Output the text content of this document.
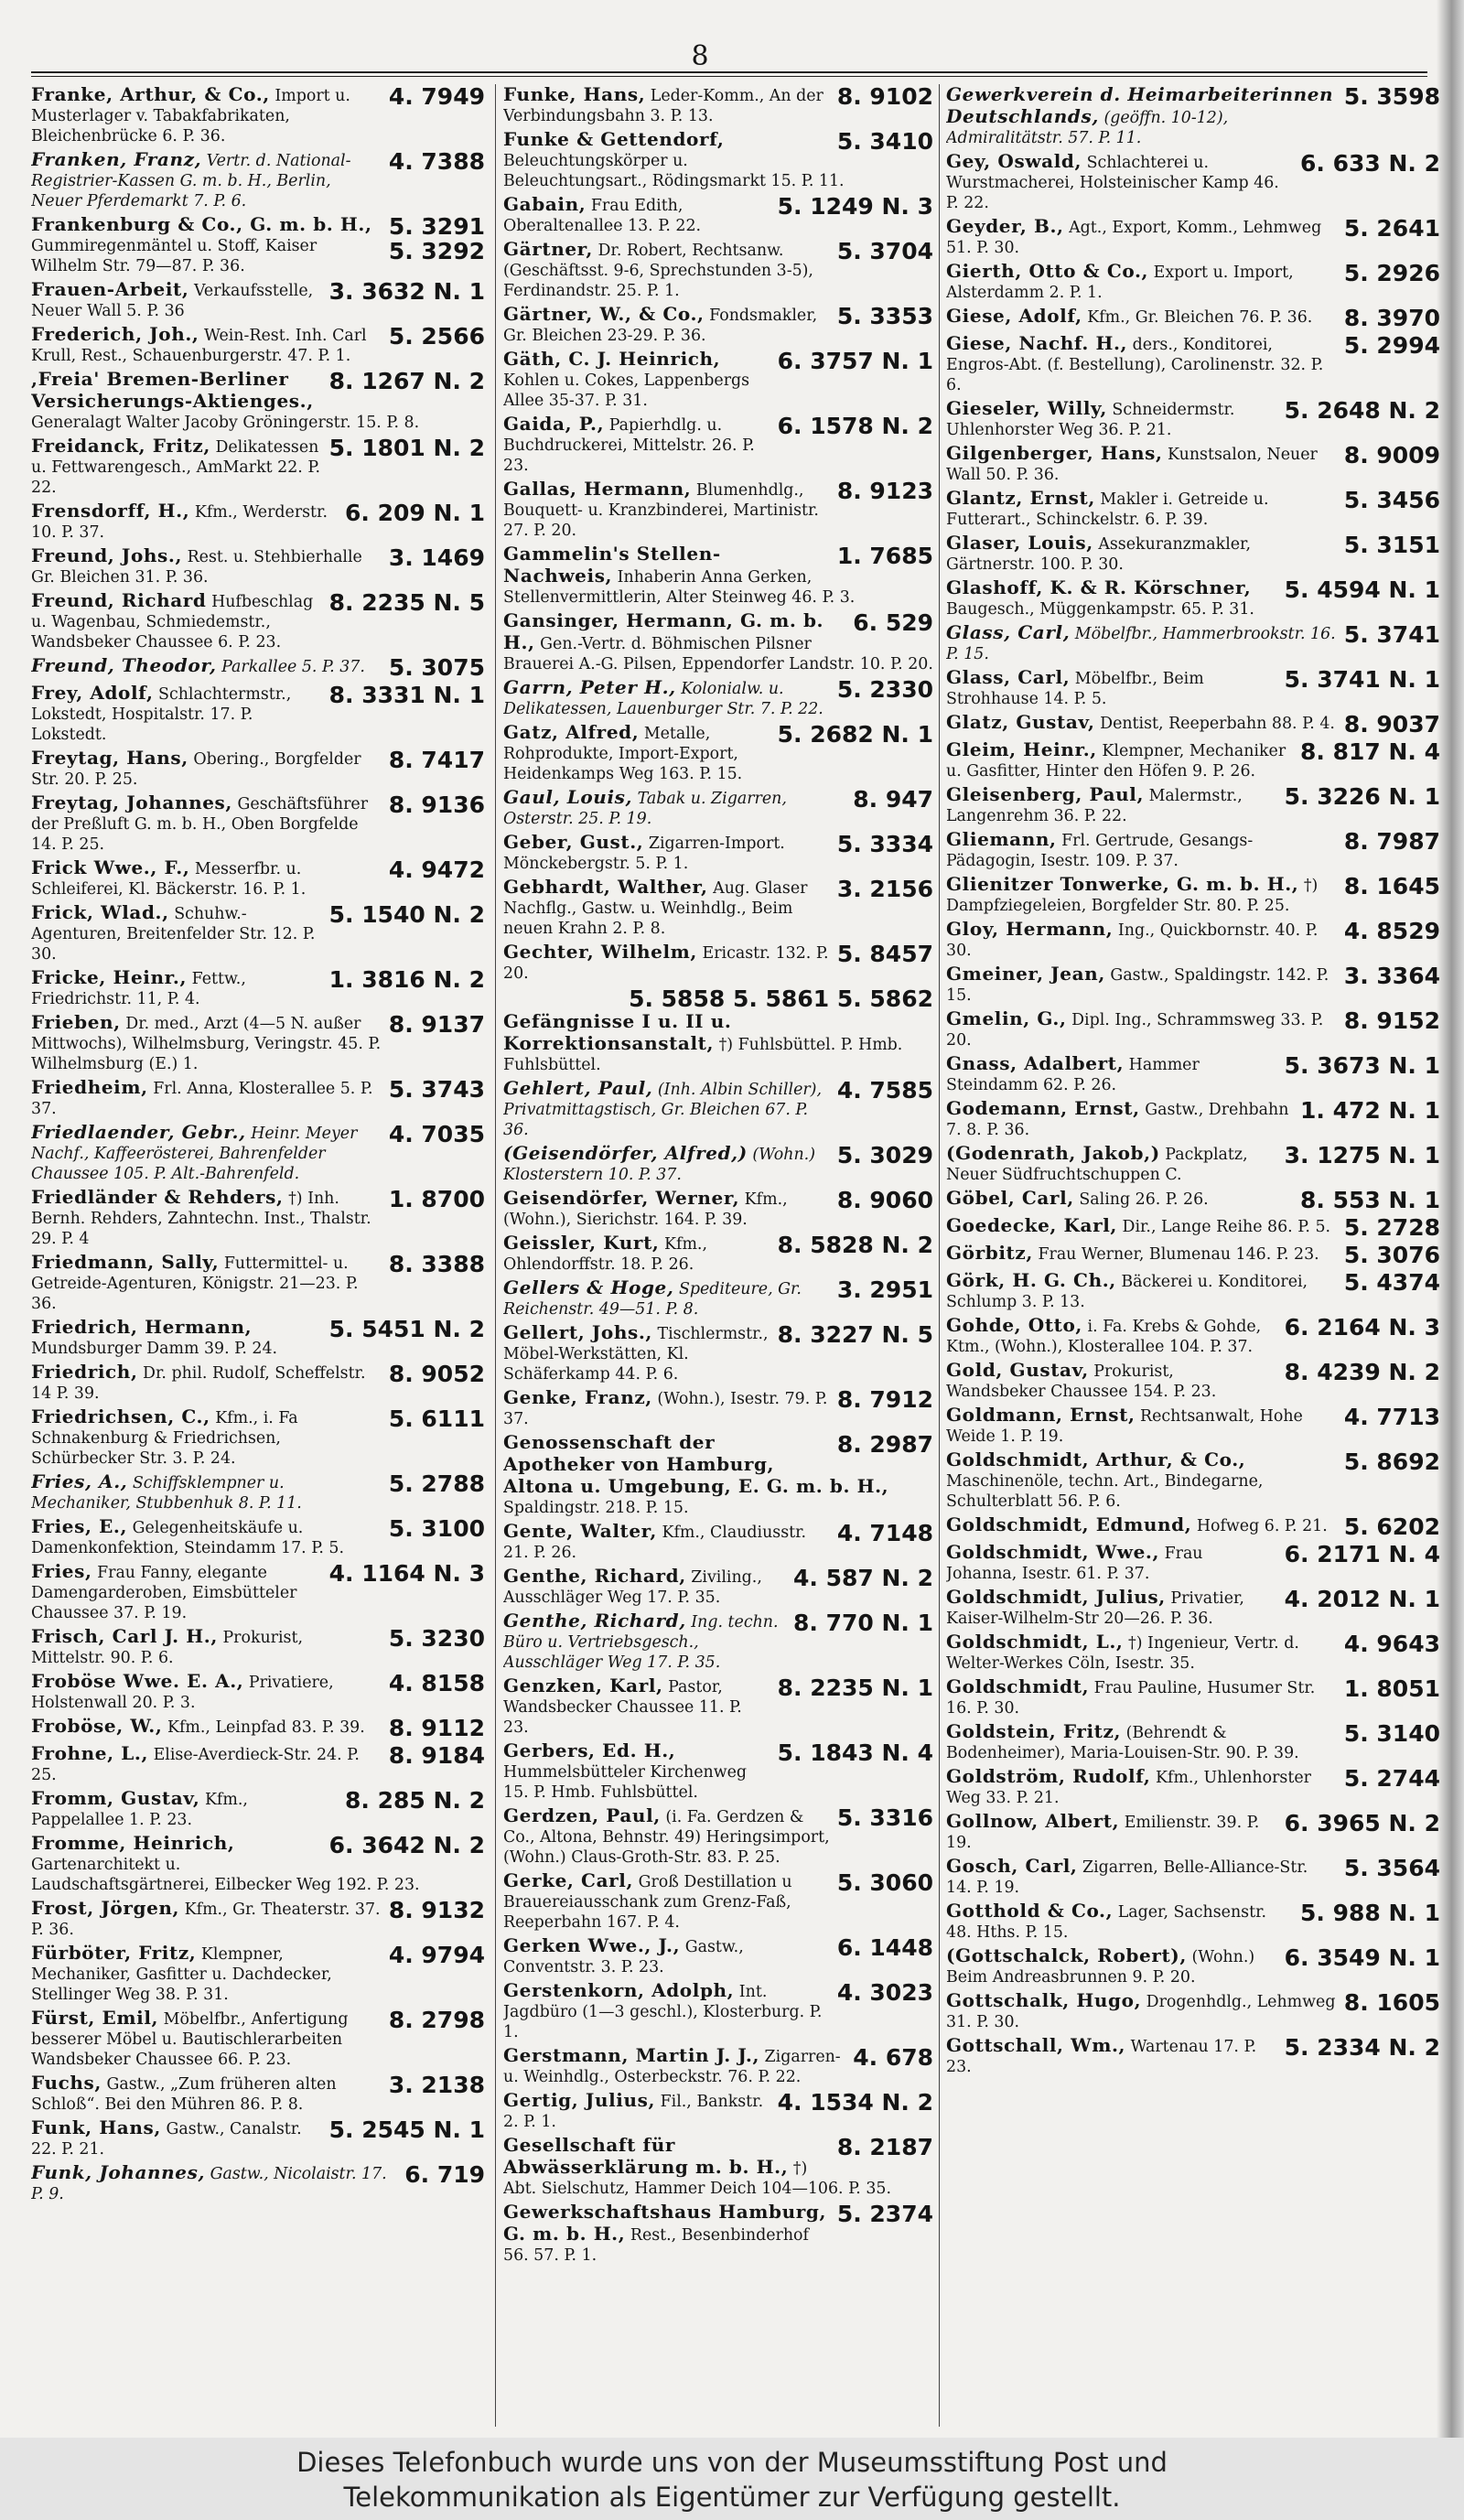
8
4. 7949
Franke, Arthur, & Co., Import u. Musterlager v. Tabakfabrikaten, Bleichenbrücke 6. P. 36.
4. 7388
Franken, Franz, Vertr. d. National-Registrier-Kassen G. m. b. H., Berlin, Neuer Pferdemarkt 7. P. 6.
5. 3291
5. 3292
Frankenburg & Co., G. m. b. H., Gummiregenmäntel u. Stoff, Kaiser Wilhelm Str. 79—87. P. 36.
3. 3632 N. 1
Frauen-Arbeit, Verkaufsstelle, Neuer Wall 5. P. 36
5. 2566
Frederich, Joh., Wein-Rest. Inh. Carl Krull, Rest., Schauenburgerstr. 47. P. 1.
8. 1267 N. 2
,Freia' Bremen-Berliner Versicherungs-Aktienges., Generalagt Walter Jacoby Gröningerstr. 15. P. 8.
5. 1801 N. 2
Freidanck, Fritz, Delikatessen u. Fettwarengesch., AmMarkt 22. P. 22.
6. 209 N. 1
Frensdorff, H., Kfm., Werderstr. 10. P. 37.
3. 1469
Freund, Johs., Rest. u. Stehbierhalle Gr. Bleichen 31. P. 36.
8. 2235 N. 5
Freund, Richard Hufbeschlag u. Wagenbau, Schmiedemstr., Wandsbeker Chaussee 6. P. 23.
5. 3075
Freund, Theodor, Parkallee 5. P. 37.
8. 3331 N. 1
Frey, Adolf, Schlachtermstr., Lokstedt, Hospitalstr. 17. P. Lokstedt.
8. 7417
Freytag, Hans, Obering., Borgfelder Str. 20. P. 25.
8. 9136
Freytag, Johannes, Geschäftsführer der Preßluft G. m. b. H., Oben Borgfelde 14. P. 25.
4. 9472
Frick Wwe., F., Messerfbr. u. Schleiferei, Kl. Bäckerstr. 16. P. 1.
5. 1540 N. 2
Frick, Wlad., Schuhw.-Agenturen, Breitenfelder Str. 12. P. 30.
1. 3816 N. 2
Fricke, Heinr., Fettw., Friedrichstr. 11, P. 4.
8. 9137
Frieben, Dr. med., Arzt (4—5 N. außer Mittwochs), Wilhelmsburg, Veringstr. 45. P. Wilhelmsburg (E.) 1.
5. 3743
Friedheim, Frl. Anna, Klosterallee 5. P. 37.
4. 7035
Friedlaender, Gebr., Heinr. Meyer Nachf., Kaffeerösterei, Bahrenfelder Chaussee 105. P. Alt.-Bahrenfeld.
1. 8700
Friedländer & Rehders, †) Inh. Bernh. Rehders, Zahntechn. Inst., Thalstr. 29. P. 4
8. 3388
Friedmann, Sally, Futtermittel- u. Getreide-Agenturen, Königstr. 21—23. P. 36.
5. 5451 N. 2
Friedrich, Hermann, Mundsburger Damm 39. P. 24.
8. 9052
Friedrich, Dr. phil. Rudolf, Scheffelstr. 14 P. 39.
5. 6111
Friedrichsen, C., Kfm., i. Fa Schnakenburg & Friedrichsen, Schürbecker Str. 3. P. 24.
5. 2788
Fries, A., Schiffsklempner u. Mechaniker, Stubbenhuk 8. P. 11.
5. 3100
Fries, E., Gelegenheitskäufe u. Damenkonfektion, Steindamm 17. P. 5.
4. 1164 N. 3
Fries, Frau Fanny, elegante Damengarderoben, Eimsbütteler Chaussee 37. P. 19.
5. 3230
Frisch, Carl J. H., Prokurist, Mittelstr. 90. P. 6.
4. 8158
Froböse Wwe. E. A., Privatiere, Holstenwall 20. P. 3.
8. 9112
Froböse, W., Kfm., Leinpfad 83. P. 39.
8. 9184
Frohne, L., Elise-Averdieck-Str. 24. P. 25.
8. 285 N. 2
Fromm, Gustav, Kfm., Pappelallee 1. P. 23.
6. 3642 N. 2
Fromme, Heinrich, Gartenarchitekt u. Laudschaftsgärtnerei, Eilbecker Weg 192. P. 23.
8. 9132
Frost, Jörgen, Kfm., Gr. Theaterstr. 37. P. 36.
4. 9794
Fürböter, Fritz, Klempner, Mechaniker, Gasfitter u. Dachdecker, Stellinger Weg 38. P. 31.
8. 2798
Fürst, Emil, Möbelfbr., Anfertigung besserer Möbel u. Bautischlerarbeiten Wandsbeker Chaussee 66. P. 23.
3. 2138
Fuchs, Gastw., „Zum früheren alten Schloß“. Bei den Mühren 86. P. 8.
5. 2545 N. 1
Funk, Hans, Gastw., Canalstr. 22. P. 21.
6. 719
Funk, Johannes, Gastw., Nicolaistr. 17. P. 9.
8. 9102
Funke, Hans, Leder-Komm., An der Verbindungsbahn 3. P. 13.
5. 3410
Funke & Gettendorf, Beleuchtungskörper u. Beleuchtungsart., Rödingsmarkt 15. P. 11.
5. 1249 N. 3
Gabain, Frau Edith, Oberaltenallee 13. P. 22.
5. 3704
Gärtner, Dr. Robert, Rechtsanw. (Geschäftsst. 9-6, Sprechstunden 3-5), Ferdinandstr. 25. P. 1.
5. 3353
Gärtner, W., & Co., Fondsmakler, Gr. Bleichen 23-29. P. 36.
6. 3757 N. 1
Gäth, C. J. Heinrich, Kohlen u. Cokes, Lappenbergs Allee 35-37. P. 31.
6. 1578 N. 2
Gaida, P., Papierhdlg. u. Buchdruckerei, Mittelstr. 26. P. 23.
8. 9123
Gallas, Hermann, Blumenhdlg., Bouquett- u. Kranzbinderei, Martinistr. 27. P. 20.
1. 7685
Gammelin's Stellen-Nachweis, Inhaberin Anna Gerken, Stellenvermittlerin, Alter Steinweg 46. P. 3.
6. 529
Gansinger, Hermann, G. m. b. H., Gen.-Vertr. d. Böhmischen Pilsner Brauerei A.-G. Pilsen, Eppendorfer Landstr. 10. P. 20.
5. 2330
Garrn, Peter H., Kolonialw. u. Delikatessen, Lauenburger Str. 7. P. 22.
5. 2682 N. 1
Gatz, Alfred, Metalle, Rohprodukte, Import-Export, Heidenkamps Weg 163. P. 15.
8. 947
Gaul, Louis, Tabak u. Zigarren, Osterstr. 25. P. 19.
5. 3334
Geber, Gust., Zigarren-Import. Mönckebergstr. 5. P. 1.
3. 2156
Gebhardt, Walther, Aug. Glaser Nachflg., Gastw. u. Weinhdlg., Beim neuen Krahn 2. P. 8.
5. 8457
Gechter, Wilhelm, Ericastr. 132. P. 20.
5. 5858 5. 5861 5. 5862
Gefängnisse I u. II u. Korrektionsanstalt, †) Fuhlsbüttel. P. Hmb. Fuhlsbüttel.
4. 7585
Gehlert, Paul, (Inh. Albin Schiller), Privatmittagstisch, Gr. Bleichen 67. P. 36.
5. 3029
(Geisendörfer, Alfred,) (Wohn.) Klosterstern 10. P. 37.
8. 9060
Geisendörfer, Werner, Kfm., (Wohn.), Sierichstr. 164. P. 39.
8. 5828 N. 2
Geissler, Kurt, Kfm., Ohlendorffstr. 18. P. 26.
3. 2951
Gellers & Hoge, Spediteure, Gr. Reichenstr. 49—51. P. 8.
8. 3227 N. 5
Gellert, Johs., Tischlermstr., Möbel-Werkstätten, Kl. Schäferkamp 44. P. 6.
8. 7912
Genke, Franz, (Wohn.), Isestr. 79. P. 37.
8. 2987
Genossenschaft der Apotheker von Hamburg, Altona u. Umgebung, E. G. m. b. H., Spaldingstr. 218. P. 15.
4. 7148
Gente, Walter, Kfm., Claudiusstr. 21. P. 26.
4. 587 N. 2
Genthe, Richard, Ziviling., Ausschläger Weg 17. P. 35.
8. 770 N. 1
Genthe, Richard, Ing. techn. Büro u. Vertriebsgesch., Ausschläger Weg 17. P. 35.
8. 2235 N. 1
Genzken, Karl, Pastor, Wandsbecker Chaussee 11. P. 23.
5. 1843 N. 4
Gerbers, Ed. H., Hummelsbütteler Kirchenweg 15. P. Hmb. Fuhlsbüttel.
5. 3316
Gerdzen, Paul, (i. Fa. Gerdzen & Co., Altona, Behnstr. 49) Heringsimport, (Wohn.) Claus-Groth-Str. 83. P. 25.
5. 3060
Gerke, Carl, Groß Destillation u Brauereiausschank zum Grenz-Faß, Reeperbahn 167. P. 4.
6. 1448
Gerken Wwe., J., Gastw., Conventstr. 3. P. 23.
4. 3023
Gerstenkorn, Adolph, Int. Jagdbüro (1—3 geschl.), Klosterburg. P. 1.
4. 678
Gerstmann, Martin J. J., Zigarren- u. Weinhdlg., Osterbeckstr. 76. P. 22.
4. 1534 N. 2
Gertig, Julius, Fil., Bankstr. 2. P. 1.
8. 2187
Gesellschaft für Abwässerklärung m. b. H., †) Abt. Sielschutz, Hammer Deich 104—106. P. 35.
5. 2374
Gewerkschaftshaus Hamburg, G. m. b. H., Rest., Besenbinderhof 56. 57. P. 1.
5. 3598
Gewerkverein d. Heimarbeiterinnen Deutschlands, (geöffn. 10-12), Admiralitätstr. 57. P. 11.
6. 633 N. 2
Gey, Oswald, Schlachterei u. Wurstmacherei, Holsteinischer Kamp 46. P. 22.
5. 2641
Geyder, B., Agt., Export, Komm., Lehmweg 51. P. 30.
5. 2926
Gierth, Otto & Co., Export u. Import, Alsterdamm 2. P. 1.
8. 3970
Giese, Adolf, Kfm., Gr. Bleichen 76. P. 36.
5. 2994
Giese, Nachf. H., ders., Konditorei, Engros-Abt. (f. Bestellung), Carolinenstr. 32. P. 6.
5. 2648 N. 2
Gieseler, Willy, Schneidermstr. Uhlenhorster Weg 36. P. 21.
8. 9009
Gilgenberger, Hans, Kunstsalon, Neuer Wall 50. P. 36.
5. 3456
Glantz, Ernst, Makler i. Getreide u. Futterart., Schinckelstr. 6. P. 39.
5. 3151
Glaser, Louis, Assekuranzmakler, Gärtnerstr. 100. P. 30.
5. 4594 N. 1
Glashoff, K. & R. Körschner, Baugesch., Müggenkampstr. 65. P. 31.
5. 3741
Glass, Carl, Möbelfbr., Hammerbrookstr. 16. P. 15.
5. 3741 N. 1
Glass, Carl, Möbelfbr., Beim Strohhause 14. P. 5.
8. 9037
Glatz, Gustav, Dentist, Reeperbahn 88. P. 4.
8. 817 N. 4
Gleim, Heinr., Klempner, Mechaniker u. Gasfitter, Hinter den Höfen 9. P. 26.
5. 3226 N. 1
Gleisenberg, Paul, Malermstr., Langenrehm 36. P. 22.
8. 7987
Gliemann, Frl. Gertrude, Gesangs-Pädagogin, Isestr. 109. P. 37.
8. 1645
Glienitzer Tonwerke, G. m. b. H., †) Dampfziegeleien, Borgfelder Str. 80. P. 25.
4. 8529
Gloy, Hermann, Ing., Quickbornstr. 40. P. 30.
3. 3364
Gmeiner, Jean, Gastw., Spaldingstr. 142. P. 15.
8. 9152
Gmelin, G., Dipl. Ing., Schrammsweg 33. P. 20.
5. 3673 N. 1
Gnass, Adalbert, Hammer Steindamm 62. P. 26.
1. 472 N. 1
Godemann, Ernst, Gastw., Drehbahn 7. 8. P. 36.
3. 1275 N. 1
(Godenrath, Jakob,) Packplatz, Neuer Südfruchtschuppen C.
8. 553 N. 1
Göbel, Carl, Saling 26. P. 26.
5. 2728
Goedecke, Karl, Dir., Lange Reihe 86. P. 5.
5. 3076
Görbitz, Frau Werner, Blumenau 146. P. 23.
5. 4374
Görk, H. G. Ch., Bäckerei u. Konditorei, Schlump 3. P. 13.
6. 2164 N. 3
Gohde, Otto, i. Fa. Krebs & Gohde, Ktm., (Wohn.), Klosterallee 104. P. 37.
8. 4239 N. 2
Gold, Gustav, Prokurist, Wandsbeker Chaussee 154. P. 23.
4. 7713
Goldmann, Ernst, Rechtsanwalt, Hohe Weide 1. P. 19.
5. 8692
Goldschmidt, Arthur, & Co., Maschinenöle, techn. Art., Bindegarne, Schulterblatt 56. P. 6.
5. 6202
Goldschmidt, Edmund, Hofweg 6. P. 21.
6. 2171 N. 4
Goldschmidt, Wwe., Frau Johanna, Isestr. 61. P. 37.
4. 2012 N. 1
Goldschmidt, Julius, Privatier, Kaiser-Wilhelm-Str 20—26. P. 36.
4. 9643
Goldschmidt, L., †) Ingenieur, Vertr. d. Welter-Werkes Cöln, Isestr. 35.
1. 8051
Goldschmidt, Frau Pauline, Husumer Str. 16. P. 30.
5. 3140
Goldstein, Fritz, (Behrendt & Bodenheimer), Maria-Louisen-Str. 90. P. 39.
5. 2744
Goldström, Rudolf, Kfm., Uhlenhorster Weg 33. P. 21.
6. 3965 N. 2
Gollnow, Albert, Emilienstr. 39. P. 19.
5. 3564
Gosch, Carl, Zigarren, Belle-Alliance-Str. 14. P. 19.
5. 988 N. 1
Gotthold & Co., Lager, Sachsenstr. 48. Hths. P. 15.
6. 3549 N. 1
(Gottschalck, Robert), (Wohn.) Beim Andreasbrunnen 9. P. 20.
8. 1605
Gottschalk, Hugo, Drogenhdlg., Lehmweg 31. P. 30.
5. 2334 N. 2
Gottschall, Wm., Wartenau 17. P. 23.
Dieses Telefonbuch wurde uns von der Museumsstiftung Post und
Telekommunikation als Eigentümer zur Verfügung gestellt.
